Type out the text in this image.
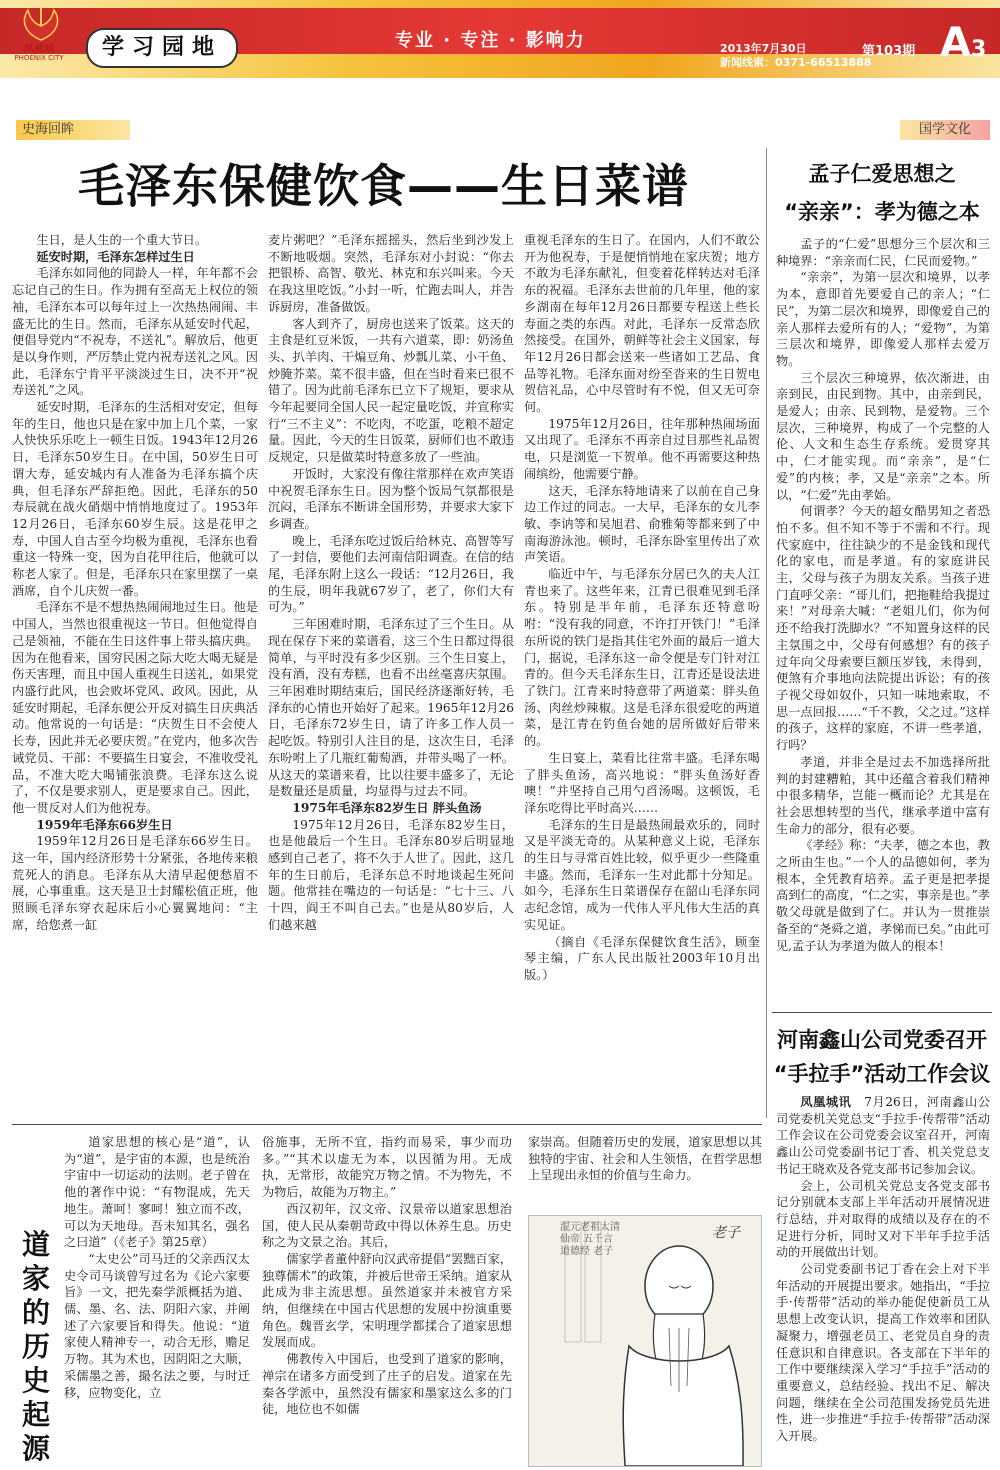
凤凰城
PHOENIX CITY	学习园地	专业 · 专注 · 影响力	2013年7月30日
新闻线索：0371-66513888
第103期 A3
史海回眸	国学文化
毛泽东保健饮食——生日菜谱

生日，是人生的一个重大节日。

延安时期，毛泽东怎样过生日

毛泽东如同他的同龄人一样，年年都不会忘记自己的生日。作为拥有至高无上权位的领袖，毛泽东本可以每年过上一次热热闹闹、丰盛无比的生日。然而，毛泽东从延安时代起，便倡导党内“不祝寿，不送礼”。解放后，他更是以身作则，严厉禁止党内祝寿送礼之风。因此，毛泽东宁肯平平淡淡过生日，决不开“祝寿送礼”之风。

延安时期，毛泽东的生活相对安定，但每年的生日，他也只是在家中加上几个菜，一家人快快乐乐吃上一顿生日饭。1943年12月26日，毛泽东50岁生日。在中国，50岁生日可谓大寿，延安城内有人准备为毛泽东搞个庆典，但毛泽东严辞拒绝。因此，毛泽东的50寿辰就在战火硝烟中悄悄地度过了。1953年12月26日，毛泽东60岁生辰。这是花甲之寿，中国人自古至今均极为重视，毛泽东也看重这一特殊一变，因为自花甲往后，他就可以称老人家了。但是，毛泽东只在家里摆了一桌酒席，自个儿庆贺一番。

毛泽东不是不想热热闹闹地过生日。他是中国人，当然也很重视这一节日。但他觉得自己是领袖，不能在生日这件事上带头搞庆典。因为在他看来，国穷民困之际大吃大喝无疑是伤天害理，而且中国人重视生日送礼，如果党内盛行此风，也会败坏党风、政风。因此，从延安时期起，毛泽东便公开反对搞生日庆典活动。他常说的一句话是：“庆贺生日不会使人长寿，因此并无必要庆贺。”在党内，他多次告诫党员、干部：不要搞生日宴会，不准收受礼品，不准大吃大喝铺张浪费。毛泽东这么说了，不仅是要求别人，更是要求自己。因此，他一贯反对人们为他祝寿。

1959年毛泽东66岁生日

1959年12月26日是毛泽东66岁生日。这一年，国内经济形势十分紧张，各地传来粮荒死人的消息。毛泽东从大清早起便愁眉不展，心事重重。这天是卫士封耀松值正班，他照顾毛泽东穿衣起床后小心翼翼地问：“主席，给您煮一缸

麦片粥吧？”毛泽东摇摇头，然后坐到沙发上不断地吸烟。突然，毛泽东对小封说：“你去把银桥、高智、敬光、林克和东兴叫来。今天在我这里吃饭。”小封一听，忙跑去叫人，并告诉厨房，准备做饭。

客人到齐了，厨房也送来了饭菜。这天的主食是红豆米饭，一共有六道菜，即：奶汤鱼头、扒羊肉、干煸豆角、炒瓢儿菜、小干鱼、炒腌芥菜。菜不很丰盛，但在当时看来已很不错了。因为此前毛泽东已立下了规矩，要求从今年起要同全国人民一起定量吃饭，并宣称实行“三不主义”：不吃肉，不吃蛋，吃粮不超定量。因此，今天的生日饭菜，厨师们也不敢违反规定，只是做菜时特意多放了一些油。

开饭时，大家没有像往常那样在欢声笑语中祝贺毛泽东生日。因为整个饭局气氛都很是沉闷，毛泽东不断讲全国形势，并要求大家下乡调查。

晚上，毛泽东吃过饭后给林克、高智等写了一封信，要他们去河南信阳调查。在信的结尾，毛泽东附上这么一段话：“12月26日，我的生辰，明年我就67岁了，老了，你们大有可为。”

三年困难时期，毛泽东过了三个生日。从现在保存下来的菜谱看，这三个生日都过得很简单，与平时没有多少区别。三个生日宴上，没有酒，没有寿糕，也看不出丝毫喜庆氛围。三年困难时期结束后，国民经济逐渐好转，毛泽东的心情也开始好了起来。1965年12月26日，毛泽东72岁生日，请了许多工作人员一起吃饭。特别引人注目的是，这次生日，毛泽东吩咐上了几瓶红葡萄酒，并带头喝了一杯。从这天的菜谱来看，比以往要丰盛多了，无论是数量还是质量，均显得与过去不同。

1975年毛泽东82岁生日 胖头鱼汤

1975年12月26日，毛泽东82岁生日，也是他最后一个生日。毛泽东80岁后明显地感到自己老了，将不久于人世了。因此，这几年的生日前后，毛泽东总不时地谈起生死问题。他常挂在嘴边的一句话是：“七十三、八十四，阎王不叫自己去。”也是从80岁后，人们越来越

重视毛泽东的生日了。在国内，人们不敢公开为他祝寿，于是便悄悄地在家庆贺；地方不敢为毛泽东献礼，但变着花样转达对毛泽东的祝福。毛泽东去世前的几年里，他的家乡湖南在每年12月26日都要专程送上些长寿面之类的东西。对此，毛泽东一反常态欣然接受。在国外，朝鲜等社会主义国家，每年12月26日都会送来一些诸如工艺品、食品等礼物。毛泽东面对纷至沓来的生日贺电贺信礼品，心中尽管时有不悦，但又无可奈何。

1975年12月26日，往年那种热闹场面又出现了。毛泽东不再亲自过目那些礼品贺电，只是浏览一下贺单。他不再需要这种热闹缤纷，他需要宁静。

这天，毛泽东特地请来了以前在自己身边工作过的同志。一大早，毛泽东的女儿李敏、李讷等和吴旭君、俞雅菊等都来到了中南海游泳池。顿时，毛泽东卧室里传出了欢声笑语。

临近中午，与毛泽东分居已久的夫人江青也来了。这些年来，江青已很难见到毛泽东。特别是半年前，毛泽东还特意吩咐：“没有我的同意，不许打开铁门！”毛泽东所说的铁门是指其住宅外面的最后一道大门，据说，毛泽东这一命令便是专门针对江青的。但今天毛泽东生日，江青还是设法进了铁门。江青来时特意带了两道菜：胖头鱼汤、肉丝炒辣椒。这是毛泽东很爱吃的两道菜，是江青在钓鱼台她的居所做好后带来的。

生日宴上，菜看比往常丰盛。毛泽东喝了胖头鱼汤，高兴地说：“胖头鱼汤好香噢！”并坚持自己用勺舀汤喝。这顿饭，毛泽东吃得比平时高兴……

毛泽东的生日是最热闹最欢乐的，同时又是平淡无奇的。从某种意义上说，毛泽东的生日与寻常百姓比较，似乎更少一些隆重丰盛。然而，毛泽东一生对此都十分知足。如今，毛泽东生日菜谱保存在韶山毛泽东同志纪念馆，成为一代伟人平凡伟大生活的真实见证。

（摘自《毛泽东保健饮食生活》，顾奎琴主编，广东人民出版社2003年10月出版。）

孟子仁爱思想之
“亲亲”：孝为德之本

孟子的“仁爱”思想分三个层次和三种境界：“亲亲而仁民，仁民而爱物。”

“亲亲”，为第一层次和境界，以孝为本，意即首先要爱自己的亲人；“仁民”，为第二层次和境界，即像爱自己的亲人那样去爱所有的人；“爱物”，为第三层次和境界，即像爱人那样去爱万物。

三个层次三种境界，依次渐进，由亲到民，由民到物。其中，由亲到民，是爱人；由亲、民到物，是爱物。三个层次，三种境界，构成了一个完整的人伦、人文和生态生存系统。爱贯穿其中，仁才能实现。而“亲亲”，是“仁爱”的内核；孝，又是“亲亲”之本。所以，“仁爱”先由孝始。

何谓孝？今天的超女酷男知之者恐怕不多。但不知不等于不需和不行。现代家庭中，往往缺少的不是金钱和现代化的家电，而是孝道。有的家庭讲民主，父母与孩子为朋友关系。当孩子进门直呼父亲：“哥儿们，把拖鞋给我提过来！”对母亲大喊：“老姐儿们，你为何还不给我打洗脚水？”不知置身这样的民主氛围之中，父母有何感想？有的孩子过年向父母索要巨额压岁钱，未得到，便煞有介事地向法院提出诉讼；有的孩子视父母如奴仆，只知一味地索取，不思一点回报……“千不教，父之过。”这样的孩子，这样的家庭，不讲一些孝道，行吗？

孝道，并非全是过去不加选择所批判的封建糟粕，其中还蕴含着我们精神中很多精华，岂能一概而论？尤其是在社会思想转型的当代，继承孝道中富有生命力的部分，很有必要。

《孝经》称：“夫孝，德之本也，教之所由生也。”一个人的品德如何，孝为根本，全凭教育培养。孟子更是把孝提高到仁的高度，“仁之实，事亲是也。”孝敬父母就是做到了仁。并认为一贯推崇备至的“尧舜之道，孝悌而已矣。”由此可见,孟子认为孝道为做人的根本！

河南鑫山公司党委召开
“手拉手”活动工作会议

凤凰城讯　7月26日，河南鑫山公司党委机关党总支“手拉手·传帮带”活动工作会议在公司党委会议室召开，河南鑫山公司党委副书记丁香、机关党总支书记王晓欢及各党支部书记参加会议。

会上，公司机关党总支各党支部书记分别就本支部上半年活动开展情况进行总结，并对取得的成绩以及存在的不足进行分析，同时又对下半年手拉手活动的开展做出计划。

公司党委副书记丁香在会上对下半年活动的开展提出要求。她指出，“手拉手·传帮带”活动的举办能促使新员工从思想上改变认识，提高工作效率和团队凝聚力，增强老员工、老党员自身的责任意识和自律意识。各支部在下半年的工作中要继续深入学习“手拉手”活动的重要意义，总结经验、找出不足、解决问题，继续在全公司范围发扬党员先进性，进一步推进“手拉手·传帮带”活动深入开展。

道
家
的
历
史
起
源

道家思想的核心是“道”，认为“道”，是宇宙的本源，也是统治宇宙中一切运动的法则。老子曾在他的著作中说：“有物混成，先天地生。萧呵！寥呵！独立而不改，可以为天地母。吾未知其名，强名之曰道”（《老子》第25章）

“太史公”司马迁的父亲西汉太史令司马谈曾写过名为《论六家要旨》一文，把先秦学派概括为道、儒、墨、名、法、阴阳六家，并阐述了六家要旨和得失。他说：“道家使人精神专一，动合无形，赡足万物。其为术也，因阴阳之大顺，采儒墨之善，撮名法之要，与时迁移，应物变化，立

俗施事，无所不宜，指约而易采，事少而功多。”“其术以虚无为本，以因循为用。无成执，无常形，故能究万物之情。不为物先，不为物后，故能为万物主。”

西汉初年，汉文帝、汉景帝以道家思想治国，使人民从秦朝苛政中得以休养生息。历史称之为文景之治。其后，

儒家学者董仲舒向汉武帝提倡“罢黜百家，独尊儒术”的政策，并被后世帝王采纳。道家从此成为非主流思想。虽然道家并未被官方采纳，但继续在中国古代思想的发展中扮演重要角色。魏晋玄学，宋明理学都揉合了道家思想发展而成。

佛教传入中国后，也受到了道家的影响，禅宗在诸多方面受到了庄子的启发。道家在先秦各学派中，虽然没有儒家和墨家这么多的门徒，地位也不如儒

家崇高。但随着历史的发展，道家思想以其独特的宇宙、社会和人生领悟，在哲学思想上呈现出永恒的价值与生命力。

老子
混元老祖太清仙帝 五千言道德经 老子
